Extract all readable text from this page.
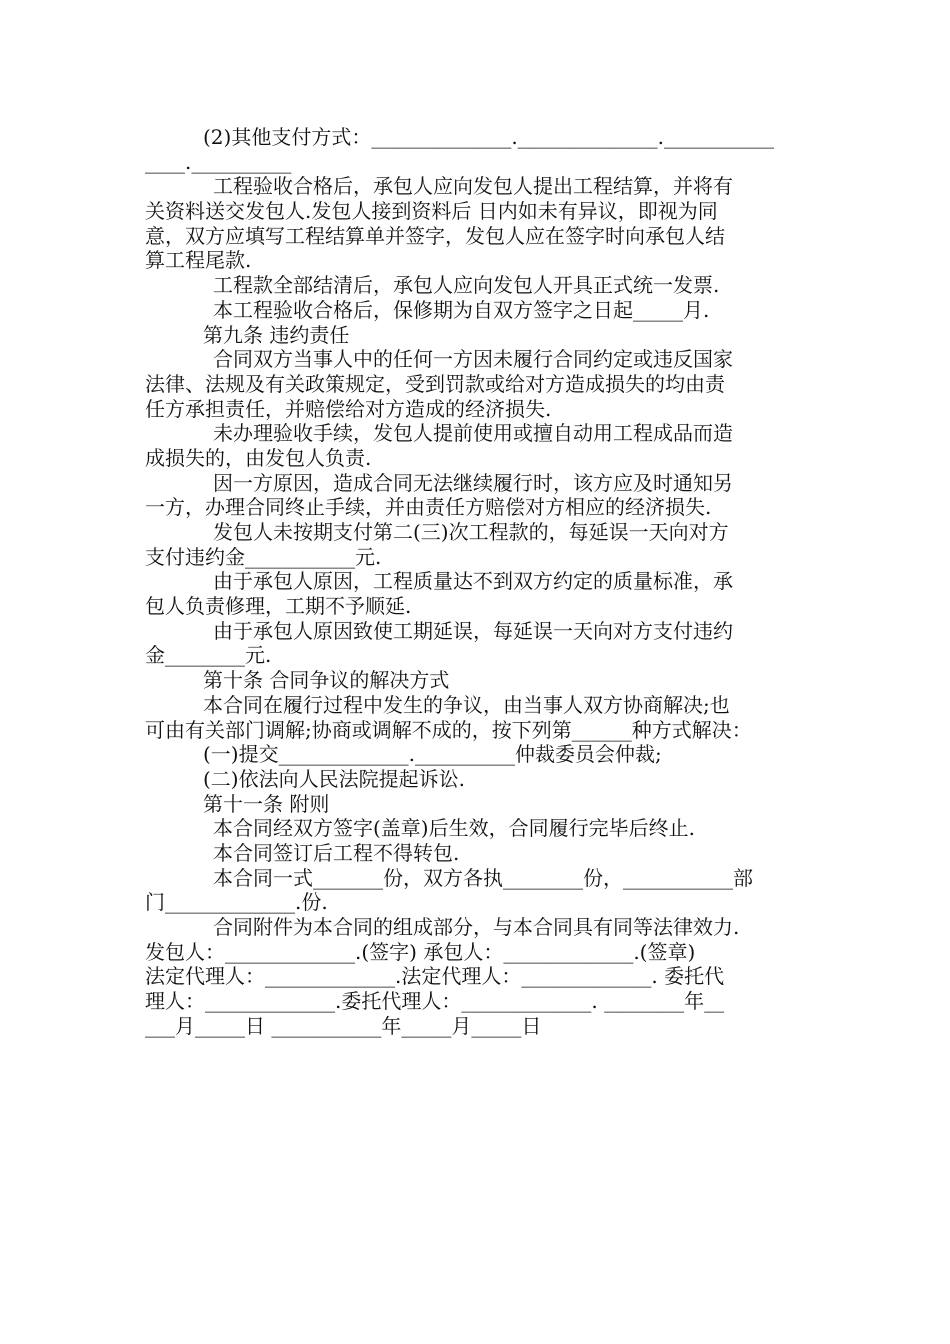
(2)其他支付方式：______________.______________.___________
____.__________
工程验收合格后，承包人应向发包人提出工程结算，并将有
关资料送交发包人.发包人接到资料后 日内如未有异议，即视为同
意，双方应填写工程结算单并签字，发包人应在签字时向承包人结
算工程尾款.
工程款全部结清后，承包人应向发包人开具正式统一发票.
本工程验收合格后，保修期为自双方签字之日起_____月.
第九条 违约责任
合同双方当事人中的任何一方因未履行合同约定或违反国家
法律、法规及有关政策规定，受到罚款或给对方造成损失的均由责
任方承担责任，并赔偿给对方造成的经济损失.
未办理验收手续，发包人提前使用或擅自动用工程成品而造
成损失的，由发包人负责.
因一方原因，造成合同无法继续履行时，该方应及时通知另
一方，办理合同终止手续，并由责任方赔偿对方相应的经济损失.
发包人未按期支付第二(三)次工程款的，每延误一天向对方
支付违约金___________元.
由于承包人原因，工程质量达不到双方约定的质量标准，承
包人负责修理，工期不予顺延.
由于承包人原因致使工期延误，每延误一天向对方支付违约
金________元.
第十条 合同争议的解决方式
本合同在履行过程中发生的争议，由当事人双方协商解决;也
可由有关部门调解;协商或调解不成的，按下列第______种方式解决：
(一)提交_____________.__________仲裁委员会仲裁;
(二)依法向人民法院提起诉讼.
第十一条 附则
本合同经双方签字(盖章)后生效，合同履行完毕后终止.
本合同签订后工程不得转包.
本合同一式_______份，双方各执________份，___________部
门_____________.份.
合同附件为本合同的组成部分，与本合同具有同等法律效力.
发包人：_____________.(签字) 承包人：_____________.(签章)
法定代理人：_____________.法定代理人：_____________. 委托代
理人：_____________.委托代理人：_____________. ________年__
___月_____日 ___________年_____月_____日
